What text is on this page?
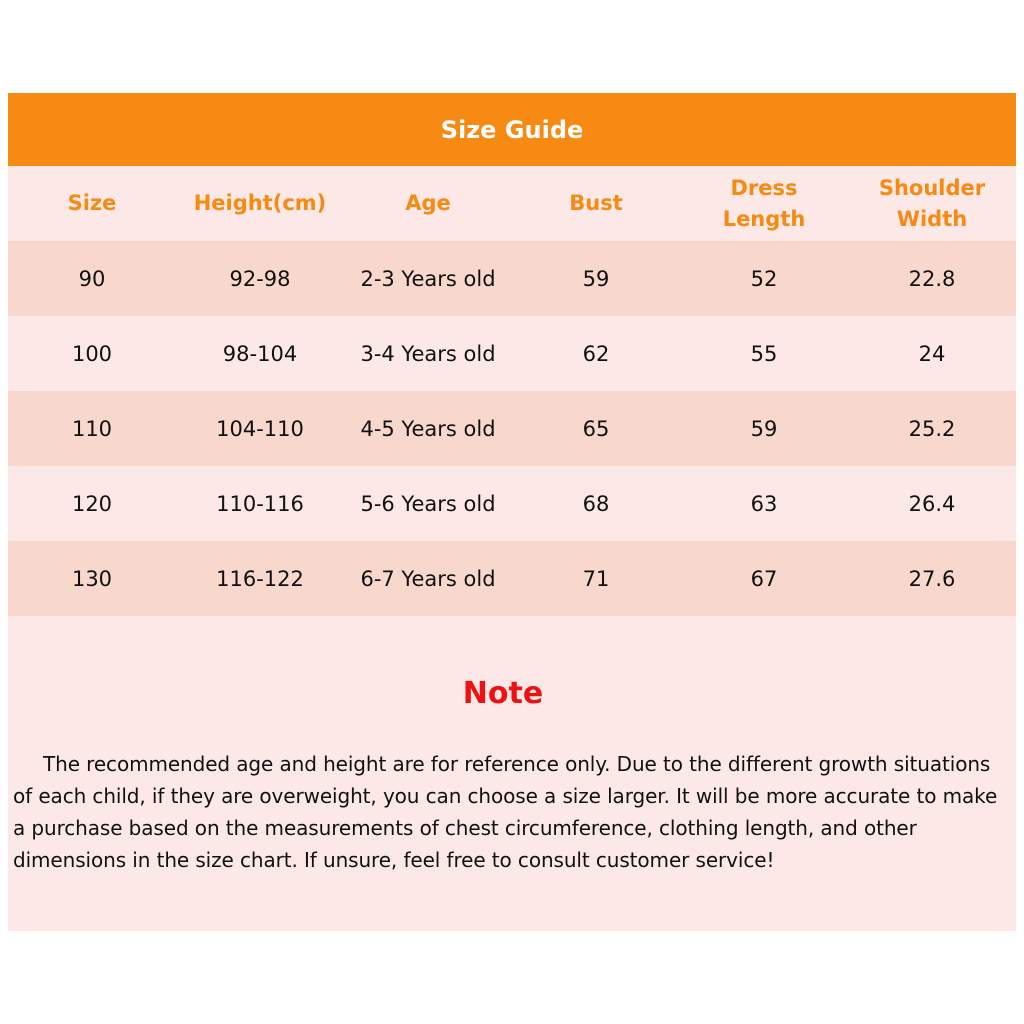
Size Guide
Size	Height(cm)	Age	Bust	Dress Length	Shoulder Width
90	92-98	2-3 Years old	59	52	22.8
100	98-104	3-4 Years old	62	55	24
110	104-110	4-5 Years old	65	59	25.2
120	110-116	5-6 Years old	68	63	26.4
130	116-122	6-7 Years old	71	67	27.6
Note
The recommended age and height are for reference only. Due to the different growth situations of each child, if they are overweight, you can choose a size larger. It will be more accurate to make a purchase based on the measurements of chest circumference, clothing length, and other dimensions in the size chart. If unsure, feel free to consult customer service!
